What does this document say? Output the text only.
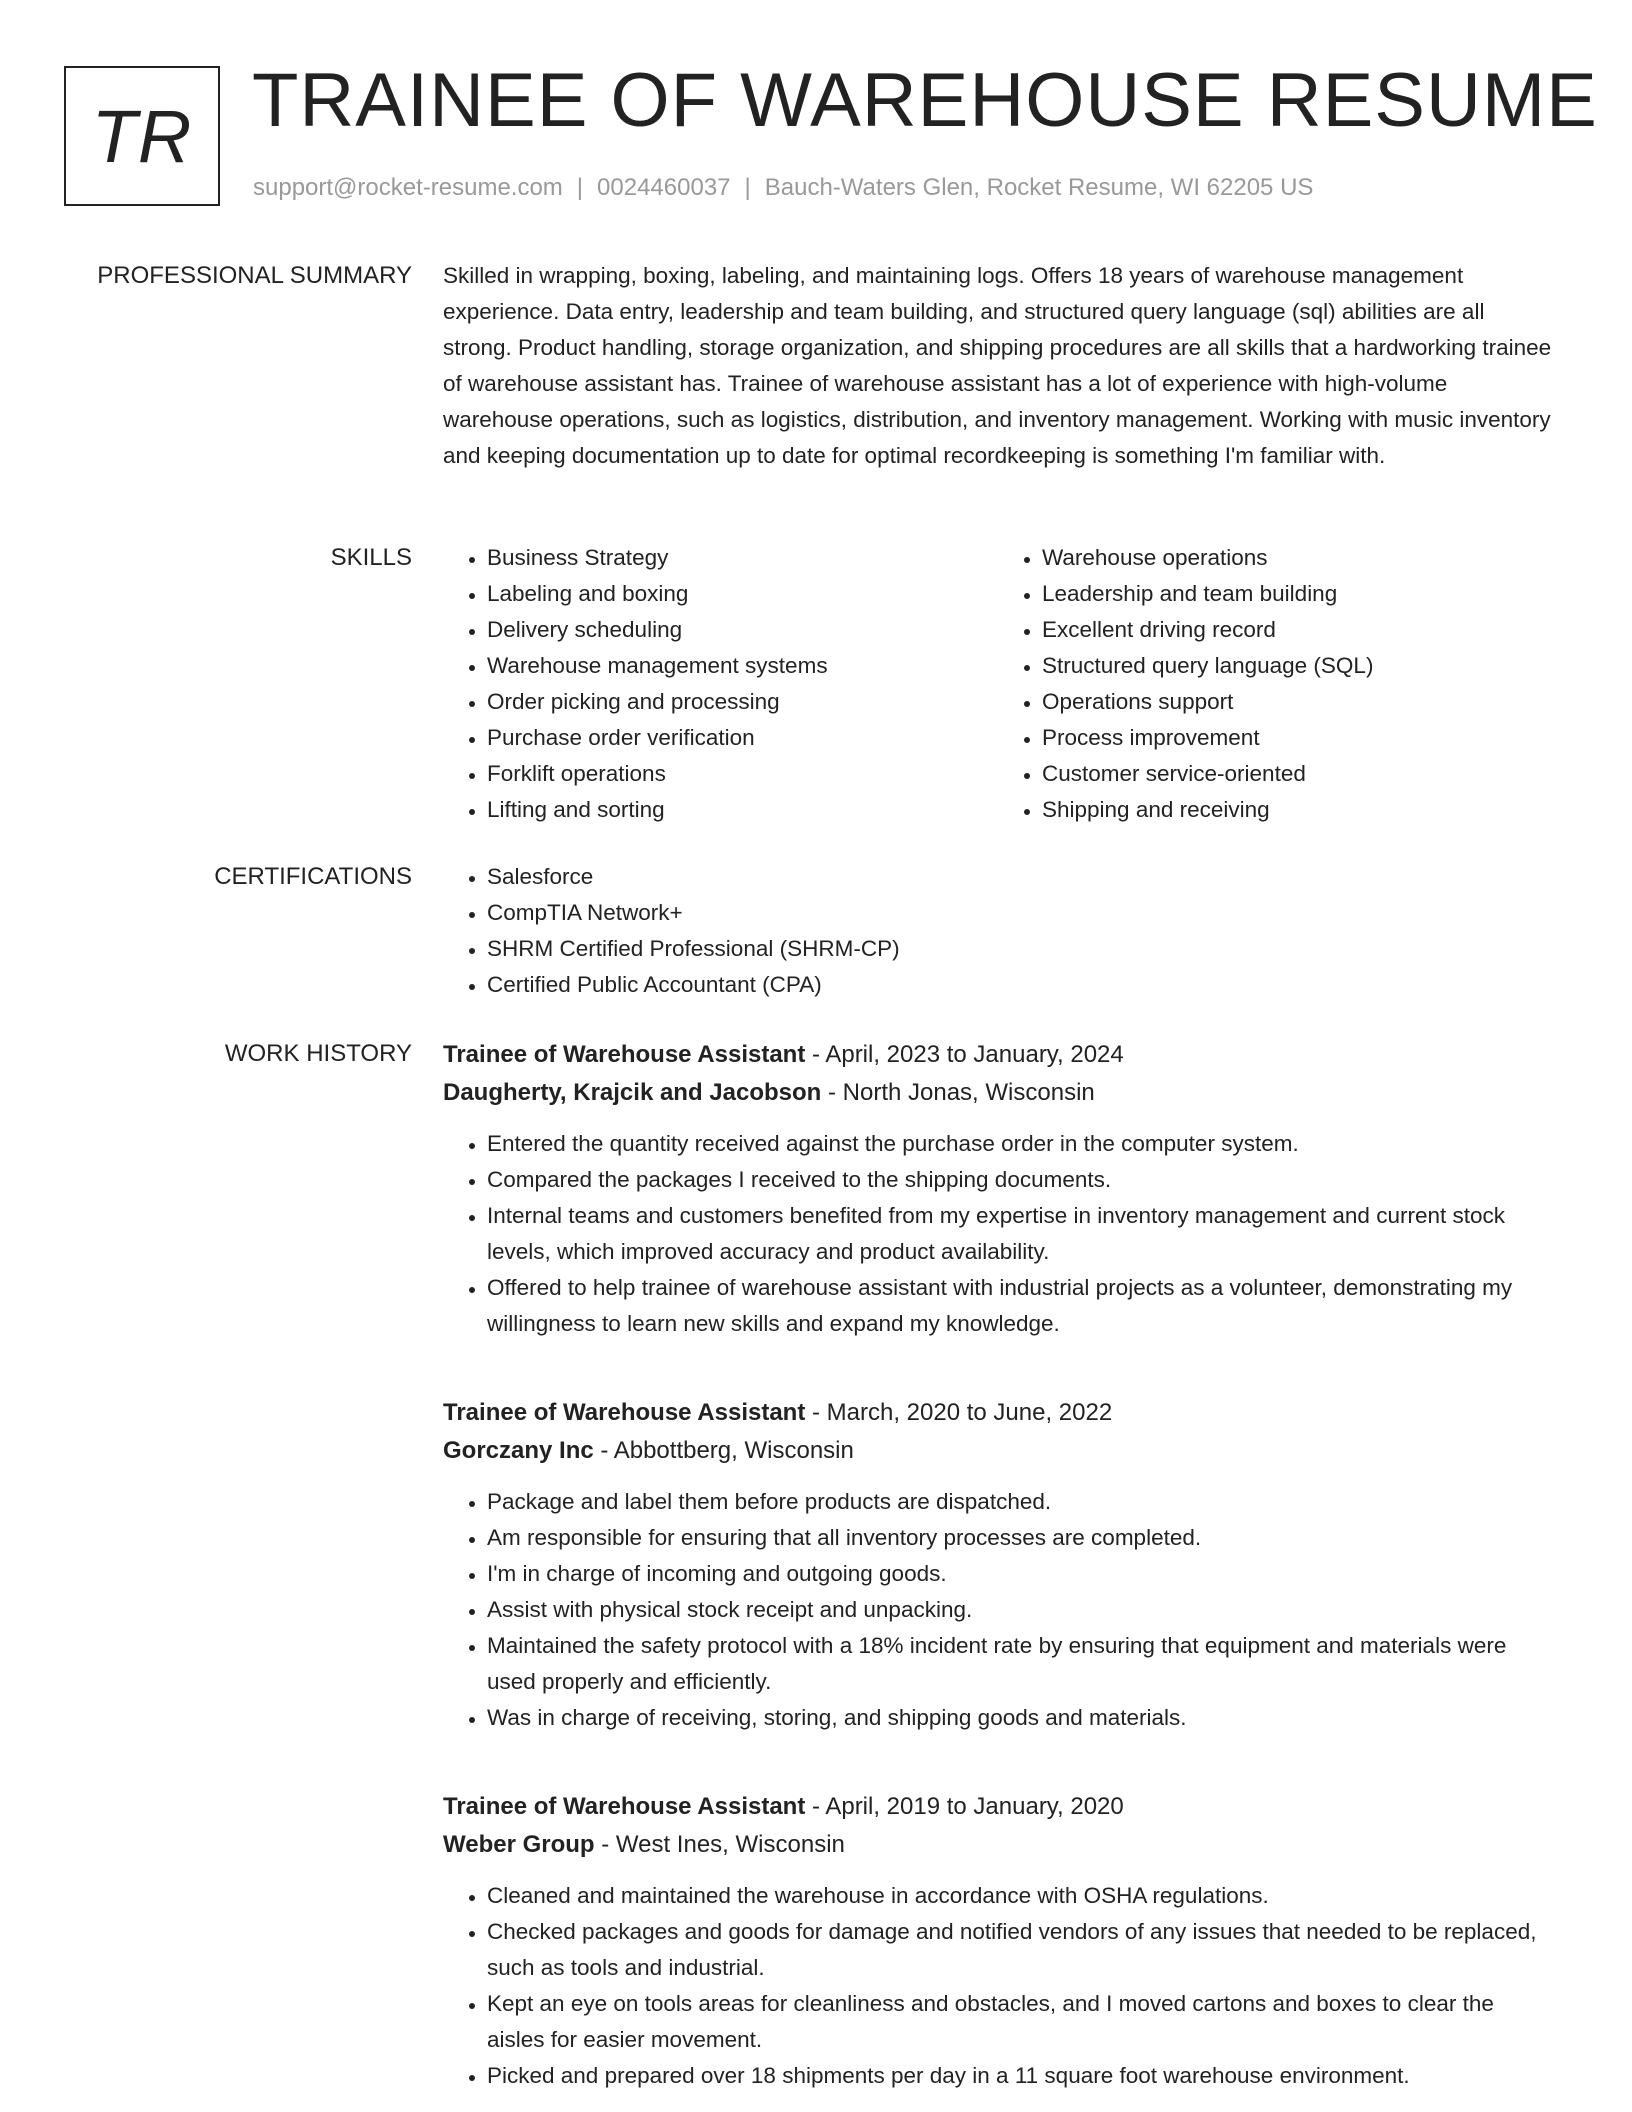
TR TRAINEE OF WAREHOUSE RESUME
support@rocket-resume.com | 0024460037 | Bauch-Waters Glen, Rocket Resume, WI 62205 US
PROFESSIONAL SUMMARY Skilled in wrapping, boxing, labeling, and maintaining logs. Offers 18 years of warehouse management experience. Data entry, leadership and team building, and structured query language (sql) abilities are all strong. Product handling, storage organization, and shipping procedures are all skills that a hardworking trainee of warehouse assistant has. Trainee of warehouse assistant has a lot of experience with high-volume warehouse operations, such as logistics, distribution, and inventory management. Working with music inventory and keeping documentation up to date for optimal recordkeeping is something I'm familiar with.
SKILLS	• Business Strategy
• Labeling and boxing
• Delivery scheduling
• Warehouse management systems
• Order picking and processing
• Purchase order verification
• Forklift operations
• Lifting and sorting
• Warehouse operations
• Leadership and team building
• Excellent driving record
• Structured query language (SQL)
• Operations support
• Process improvement
• Customer service-oriented
• Shipping and receiving
CERTIFICATIONS	• Salesforce
• CompTIA Network+
• SHRM Certified Professional (SHRM-CP)
• Certified Public Accountant (CPA)
WORK HISTORY Trainee of Warehouse Assistant - April, 2023 to January, 2024
Daugherty, Krajcik and Jacobson - North Jonas, Wisconsin
• Entered the quantity received against the purchase order in the computer system.
• Compared the packages I received to the shipping documents.
• Internal teams and customers benefited from my expertise in inventory management and current stock levels, which improved accuracy and product availability.
• Offered to help trainee of warehouse assistant with industrial projects as a volunteer, demonstrating my willingness to learn new skills and expand my knowledge.
Trainee of Warehouse Assistant - March, 2020 to June, 2022
Gorczany Inc - Abbottberg, Wisconsin
• Package and label them before products are dispatched.
• Am responsible for ensuring that all inventory processes are completed.
• I'm in charge of incoming and outgoing goods.
• Assist with physical stock receipt and unpacking.
• Maintained the safety protocol with a 18% incident rate by ensuring that equipment and materials were used properly and efficiently.
• Was in charge of receiving, storing, and shipping goods and materials.
Trainee of Warehouse Assistant - April, 2019 to January, 2020
Weber Group - West Ines, Wisconsin
• Cleaned and maintained the warehouse in accordance with OSHA regulations.
• Checked packages and goods for damage and notified vendors of any issues that needed to be replaced, such as tools and industrial.
• Kept an eye on tools areas for cleanliness and obstacles, and I moved cartons and boxes to clear the aisles for easier movement.
• Picked and prepared over 18 shipments per day in a 11 square foot warehouse environment.
